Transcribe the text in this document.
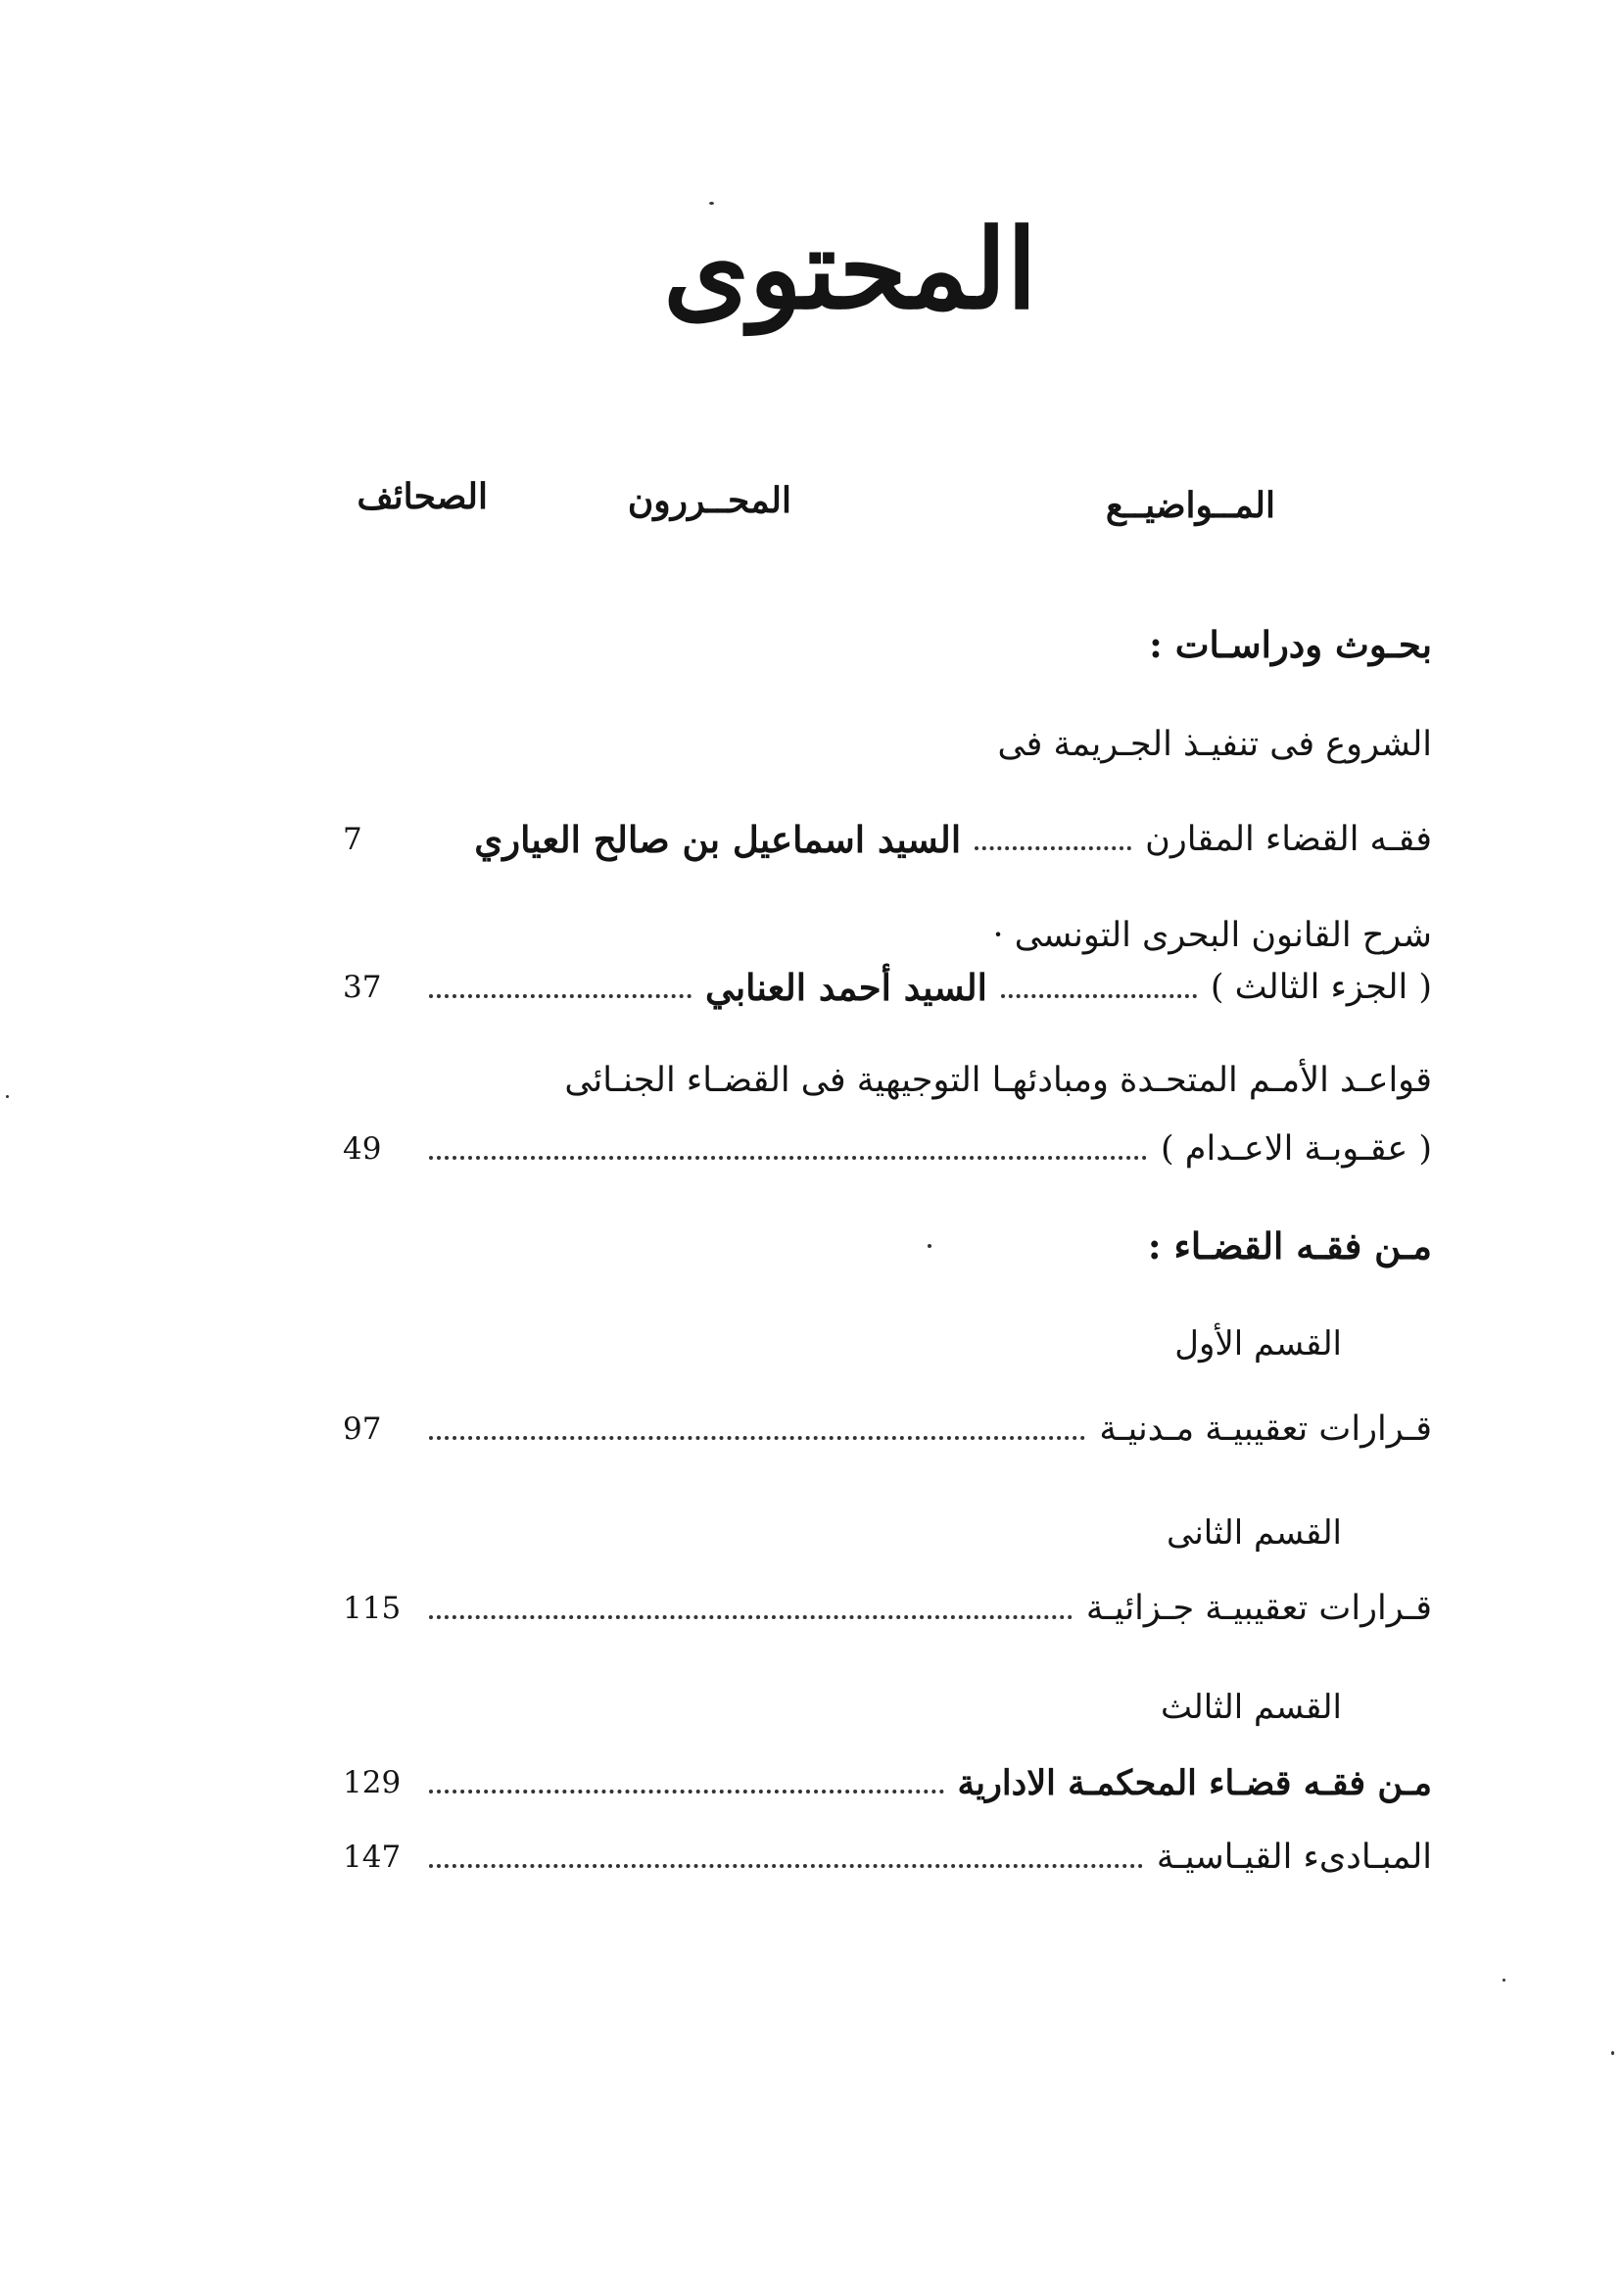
المحتوى
المــواضيــع
المحــررون
الصحائف
بحـوث ودراسـات :
الشروع فى تنفيـذ الجـريمة فى
فقـه القضاء المقارن
السيد اسماعيل بن صالح العياري
7
شرح القانون البحرى التونسى ·
( الجزء الثالث )
السيد أحمد العنابي
37
قواعـد الأمـم المتحـدة ومبادئهـا التوجيهية فى القضـاء الجنـائى
( عقـوبـة الاعـدام )
49
مـن فقـه القضـاء :
القسم الأول
قـرارات تعقيبيـة مـدنيـة
97
القسم الثانى
قـرارات تعقيبيـة جـزائيـة
115
القسم الثالث
مـن فقـه قضـاء المحكمـة الادارية
129
المبـادىء القيـاسيـة
147
